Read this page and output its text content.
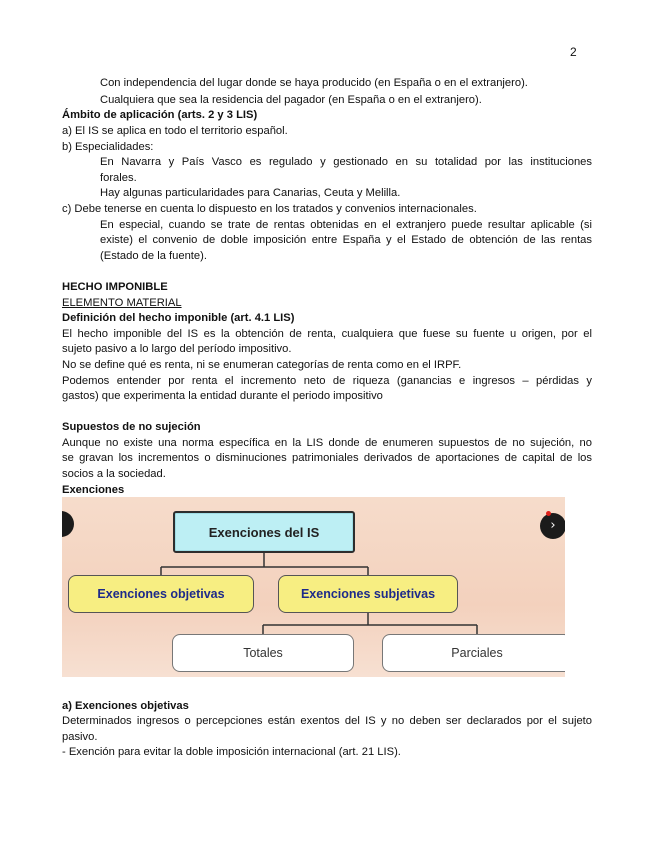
2
Con independencia del lugar donde se haya producido (en España o en el extranjero).
Cualquiera que sea la residencia del pagador (en España o en el extranjero).
Ámbito de aplicación (arts. 2 y 3 LIS)
a) El IS se aplica en todo el territorio español.
b) Especialidades:
En Navarra y País Vasco es regulado y gestionado en su totalidad por las instituciones
forales.
Hay algunas particularidades para Canarias, Ceuta y Melilla.
c) Debe tenerse en cuenta lo dispuesto en los tratados y convenios internacionales.
En especial, cuando se trate de rentas obtenidas en el extranjero puede resultar aplicable (si
existe) el convenio de doble imposición entre España y el Estado de obtención de las rentas
(Estado de la fuente).
HECHO IMPONIBLE
ELEMENTO MATERIAL
Definición del hecho imponible (art. 4.1 LIS)
El hecho imponible del IS es la obtención de renta, cualquiera que fuese su fuente u origen, por el
sujeto pasivo a lo largo del período impositivo.
No se define qué es renta, ni se enumeran categorías de renta como en el IRPF.
Podemos entender por renta el incremento neto de riqueza (ganancias e ingresos – pérdidas y
gastos) que experimenta la entidad durante el periodo impositivo
Supuestos de no sujeción
Aunque no existe una norma específica en la LIS donde de enumeren supuestos de no sujeción, no
se gravan los incrementos o disminuciones patrimoniales derivados de aportaciones de capital de los
socios a la sociedad.
Exenciones
›
Exenciones del IS
Exenciones objetivas	Exenciones subjetivas
Totales	Parciales
a) Exenciones objetivas
Determinados ingresos o percepciones están exentos del IS y no deben ser declarados por el sujeto
pasivo.
- Exención para evitar la doble imposición internacional (art. 21 LIS).
